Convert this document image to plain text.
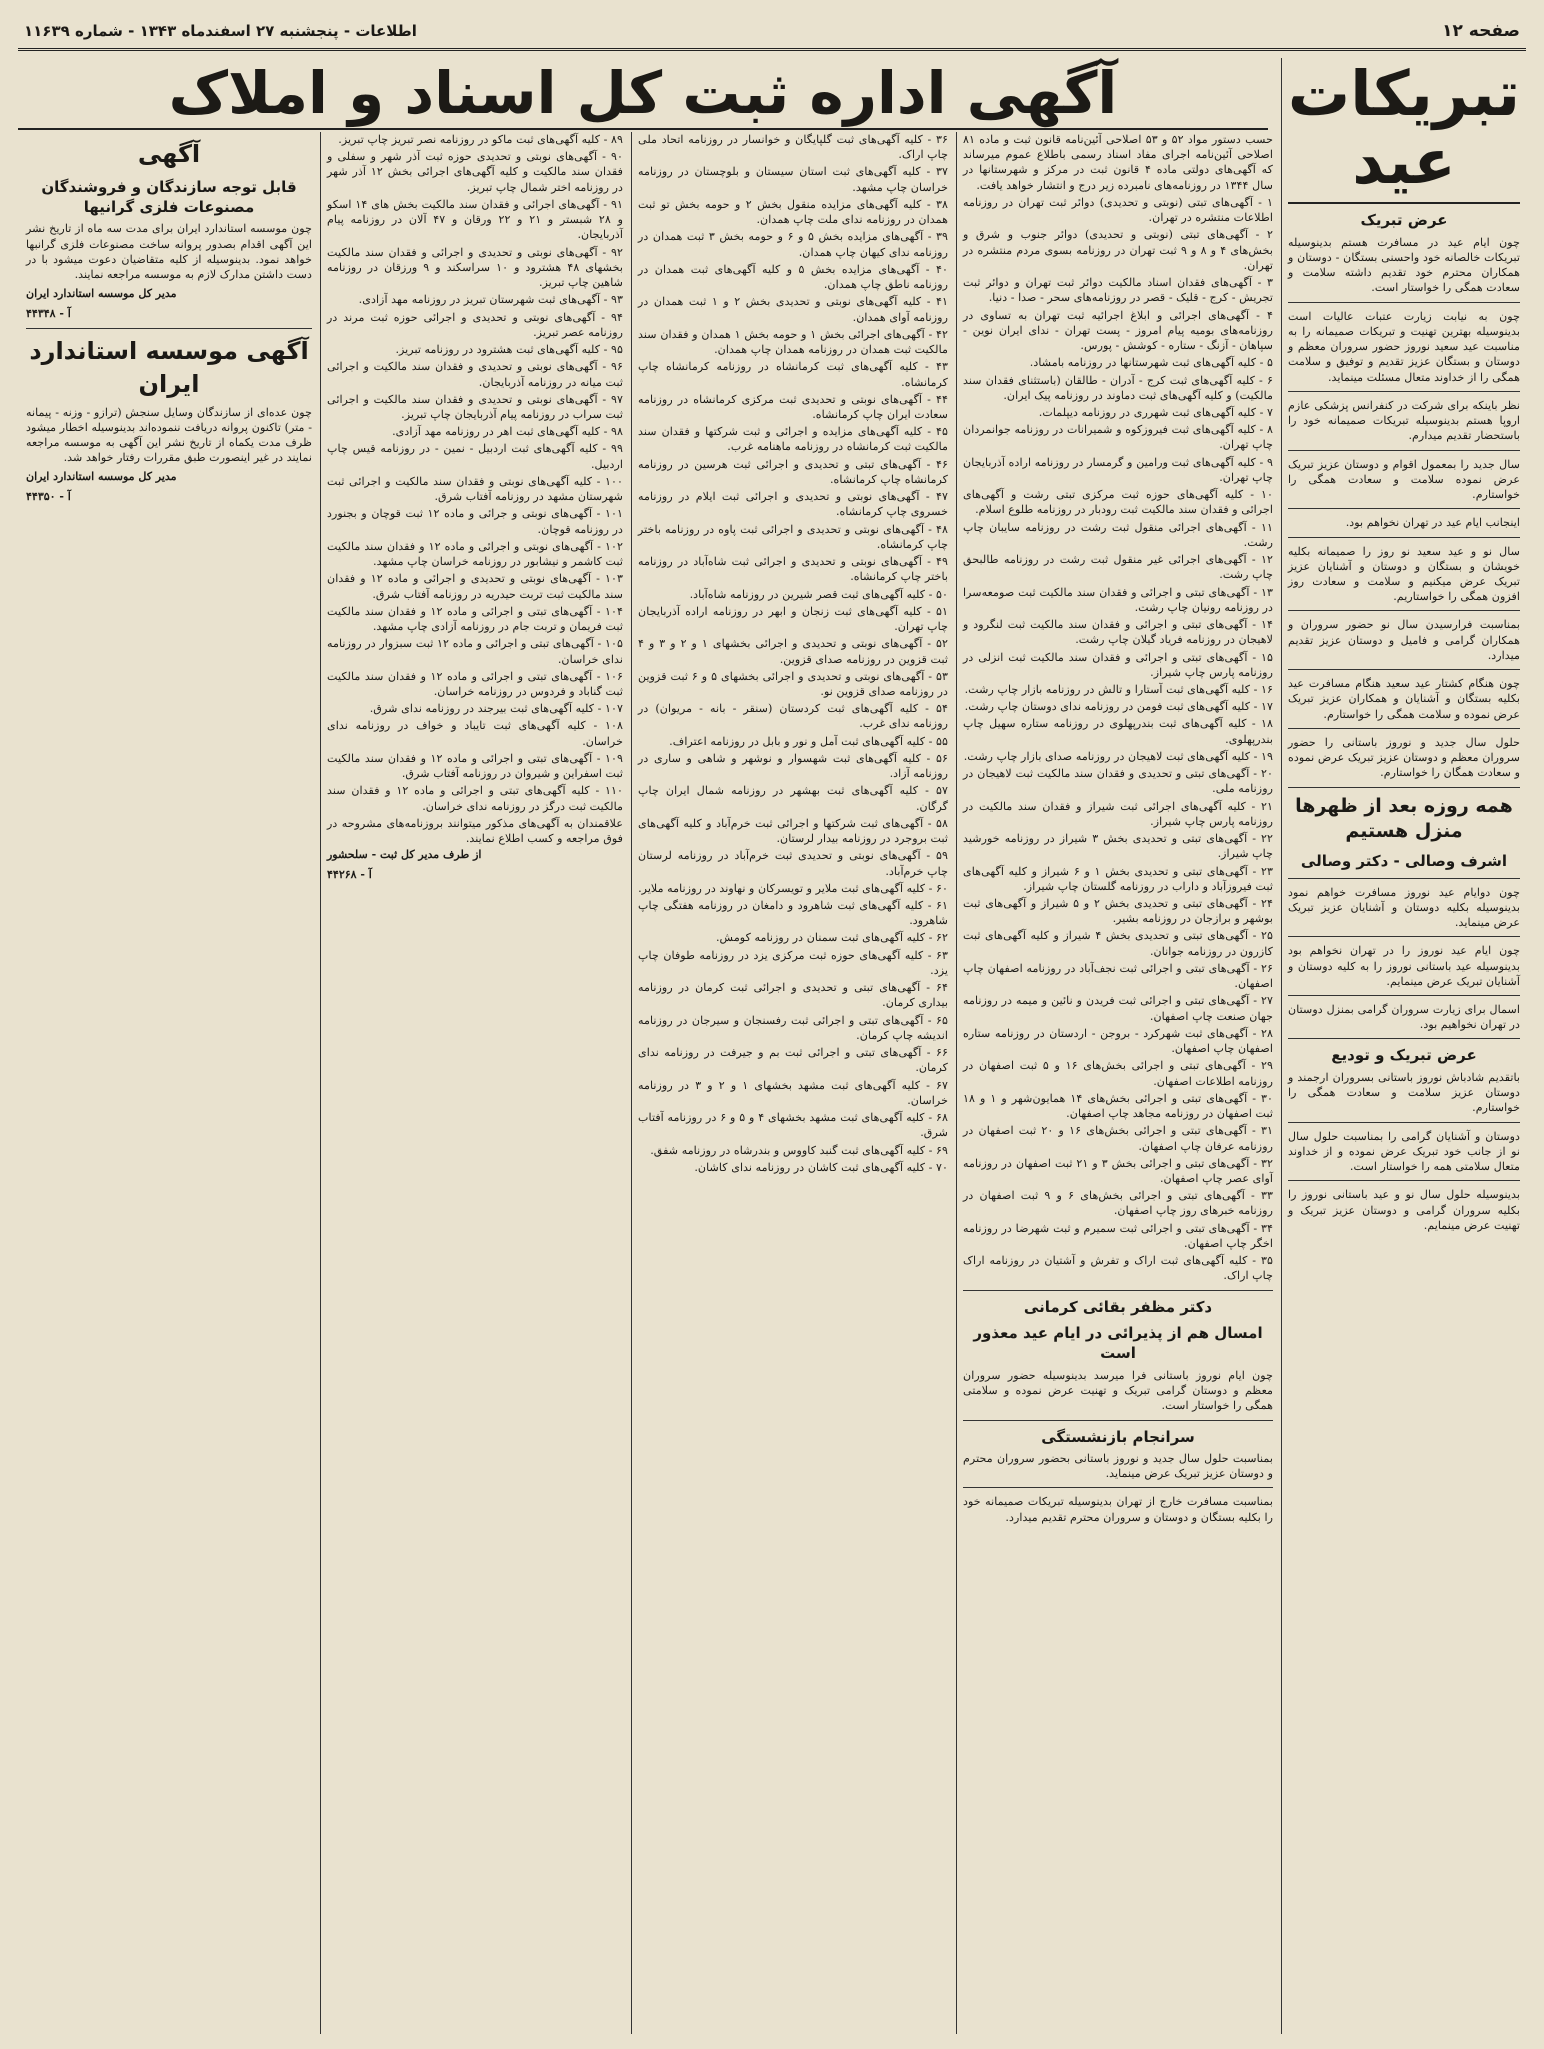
صفحه ۱۲
اطلاعات - پنجشنبه ۲۷ اسفندماه ۱۳۴۳ - شماره ۱۱۶۳۹
تبریکات عید
عرض تبریک

چون ایام عید در مسافرت هستم بدینوسیله تبریکات خالصانه خود واحسنی بستگان - دوستان و همکاران محترم خود تقدیم داشته سلامت و سعادت همگی را خواستار است.

چون به نیابت زیارت عتبات عالیات است بدینوسیله بهترین تهنیت و تبریکات صمیمانه را به مناسبت عید سعید نوروز حضور سروران معظم و دوستان و بستگان عزیز تقدیم و توفیق و سلامت همگی را از خداوند متعال مسئلت مینماید.

نظر باینکه برای شرکت در کنفرانس پزشکی عازم اروپا هستم بدینوسیله تبریکات صمیمانه خود را باستحضار تقدیم میدارم.

سال جدید را بمعمول اقوام و دوستان عزیز تبریک عرض نموده سلامت و سعادت همگی را خواستارم.

اینجانب ایام عید در تهران نخواهم بود.

سال نو و عید سعید نو روز را صمیمانه بکلیه خویشان و بستگان و دوستان و آشنایان عزیز تبریک عرض میکنیم و سلامت و سعادت روز افزون همگی را خواستاریم.

بمناسبت فرارسیدن سال نو حضور سروران و همکاران گرامی و فامیل و دوستان عزیز تقدیم میدارد.

چون هنگام کشتار عید سعید هنگام مسافرت عید بکلیه بستگان و آشنایان و همکاران عزیز تبریک عرض نموده و سلامت همگی را خواستارم.

حلول سال جدید و نوروز باستانی را حضور سروران معظم و دوستان عزیز تبریک عرض نموده و سعادت همگان را خواستارم.

همه روزه بعد از ظهرها منزل هستیم
اشرف وصالی - دکتر وصالی

چون دوایام عید نوروز مسافرت خواهم نمود بدینوسیله بکلیه دوستان و آشنایان عزیز تبریک عرض مینماید.

چون ایام عید نوروز را در تهران نخواهم بود بدینوسیله عید باستانی نوروز را به کلیه دوستان و آشنایان تبریک عرض مینمایم.

اسمال برای زیارت سروران گرامی بمنزل دوستان در تهران نخواهیم بود.

عرض تبریک و تودیع

باتقدیم شادباش نوروز باستانی بسروران ارجمند و دوستان عزیز سلامت و سعادت همگی را خواستارم.

دوستان و آشنایان گرامی را بمناسبت حلول سال نو از جانب خود تبریک عرض نموده و از خداوند متعال سلامتی همه را خواستار است.

بدینوسیله حلول سال نو و عید باستانی نوروز را بکلیه سروران گرامی و دوستان عزیز تبریک و تهنیت عرض مینمایم.

آگهی اداره ثبت کل اسناد و املاک

حسب دستور مواد ۵۲ و ۵۳ اصلاحی آئین‌نامه قانون ثبت و ماده ۸۱ اصلاحی آئین‌نامه اجرای مفاد اسناد رسمی باطلاع عموم میرساند که آگهی‌های دولتی ماده ۴ قانون ثبت در مرکز و شهرستانها در سال ۱۳۴۴ در روزنامه‌های نامبرده زیر درج و انتشار خواهد یافت.

۱ - آگهی‌های تبتی (نوبتی و تحدیدی) دوائر ثبت تهران در روزنامه اطلاعات منتشره در تهران.

۲ - آگهی‌های تبتی (نوبتی و تحدیدی) دوائر جنوب و شرق و بخش‌های ۴ و ۸ و ۹ ثبت تهران در روزنامه بسوی مردم منتشره در تهران.

۳ - آگهی‌های فقدان اسناد مالکیت دوائر ثبت تهران و دوائر ثبت تجریش - کرج - قلیک - قصر در روزنامه‌های سحر - صدا - دنیا.

۴ - آگهی‌های اجرائی و ابلاغ اجرائیه ثبت تهران به تساوی در روزنامه‌های بومیه پیام امروز - پست تهران - ندای ایران نوین - سپاهان - آزنگ - ستاره - کوشش - پورس.

۵ - کلیه آگهی‌های ثبت شهرستانها در روزنامه بامشاد.

۶ - کلیه آگهی‌های ثبت کرج - آدران - طالقان (باستثنای فقدان سند مالکیت) و کلیه آگهی‌های ثبت دماوند در روزنامه پیک ایران.

۷ - کلیه آگهی‌های ثبت شهرری در روزنامه دیپلمات.

۸ - کلیه آگهی‌های ثبت فیروزکوه و شمیرانات در روزنامه جوانمردان چاپ تهران.

۹ - کلیه آگهی‌های ثبت ورامین و گرمسار در روزنامه اراده آذربایجان چاپ تهران.

۱۰ - کلیه آگهی‌های حوزه ثبت مرکزی تبتی رشت و آگهی‌های اجرائی و فقدان سند مالکیت ثبت رودبار در روزنامه طلوع اسلام.

۱۱ - آگهی‌های اجرائی منقول ثبت رشت در روزنامه سایبان چاپ رشت.

۱۲ - آگهی‌های اجرائی غیر منقول ثبت رشت در روزنامه طالبحق چاپ رشت.

۱۳ - آگهی‌های تبتی و اجرائی و فقدان سند مالکیت ثبت صومعه‌سرا در روزنامه رونیان چاپ رشت.

۱۴ - آگهی‌های تبتی و اجرائی و فقدان سند مالکیت ثبت لنگرود و لاهیجان در روزنامه فریاد گیلان چاپ رشت.

۱۵ - آگهی‌های تبتی و اجرائی و فقدان سند مالکیت ثبت انزلی در روزنامه پارس چاپ شیراز.

۱۶ - کلیه آگهی‌های ثبت آستارا و تالش در روزنامه بازار چاپ رشت.

۱۷ - کلیه آگهی‌های ثبت فومن در روزنامه ندای دوستان چاپ رشت.

۱۸ - کلیه آگهی‌های ثبت بندرپهلوی در روزنامه ستاره سهیل چاپ بندرپهلوی.

۱۹ - کلیه آگهی‌های ثبت لاهیجان در روزنامه صدای بازار چاپ رشت.

۲۰ - آگهی‌های تبتی و تحدیدی و فقدان سند مالکیت ثبت لاهیجان در روزنامه ملی.

۲۱ - کلیه آگهی‌های اجرائی ثبت شیراز و فقدان سند مالکیت در روزنامه پارس چاپ شیراز.

۲۲ - آگهی‌های تبتی و تحدیدی بخش ۳ شیراز در روزنامه خورشید چاپ شیراز.

۲۳ - آگهی‌های تبتی و تحدیدی بخش ۱ و ۶ شیراز و کلیه آگهی‌های ثبت فیروزآباد و داراب در روزنامه گلستان چاپ شیراز.

۲۴ - آگهی‌های تبتی و تحدیدی بخش ۲ و ۵ شیراز و آگهی‌های ثبت بوشهر و برازجان در روزنامه بشیر.

۲۵ - آگهی‌های تبتی و تحدیدی بخش ۴ شیراز و کلیه آگهی‌های ثبت کازرون در روزنامه جوانان.

۲۶ - آگهی‌های تبتی و اجرائی ثبت نجف‌آباد در روزنامه اصفهان چاپ اصفهان.

۲۷ - آگهی‌های تبتی و اجرائی ثبت فریدن و نائین و میمه در روزنامه جهان صنعت چاپ اصفهان.

۲۸ - آگهی‌های ثبت شهرکرد - بروجن - اردستان در روزنامه ستاره اصفهان چاپ اصفهان.

۲۹ - آگهی‌های تبتی و اجرائی بخش‌های ۱۶ و ۵ ثبت اصفهان در روزنامه اطلاعات اصفهان.

۳۰ - آگهی‌های تبتی و اجرائی بخش‌های ۱۴ همایون‌شهر و ۱ و ۱۸ ثبت اصفهان در روزنامه مجاهد چاپ اصفهان.

۳۱ - آگهی‌های تبتی و اجرائی بخش‌های ۱۶ و ۲۰ ثبت اصفهان در روزنامه عرفان چاپ اصفهان.

۳۲ - آگهی‌های تبتی و اجرائی بخش ۳ و ۲۱ ثبت اصفهان در روزنامه آوای عصر چاپ اصفهان.

۳۳ - آگهی‌های تبتی و اجرائی بخش‌های ۶ و ۹ ثبت اصفهان در روزنامه خبرهای روز چاپ اصفهان.

۳۴ - آگهی‌های تبتی و اجرائی ثبت سمیرم و ثبت شهرضا در روزنامه اخگر چاپ اصفهان.

۳۵ - کلیه آگهی‌های ثبت اراک و تفرش و آشتیان در روزنامه اراک چاپ اراک.

دکتر مظفر بقائی کرمانی
امسال هم از پذیرائی در ایام عید معذور است

چون ایام نوروز باستانی فرا میرسد بدینوسیله حضور سروران معظم و دوستان گرامی تبریک و تهنیت عرض نموده و سلامتی همگی را خواستار است.

سرانجام بازنشستگی

بمناسبت حلول سال جدید و نوروز باستانی بحضور سروران محترم و دوستان عزیز تبریک عرض مینماید.

بمناسبت مسافرت خارج از تهران بدینوسیله تبریکات صمیمانه خود را بکلیه بستگان و دوستان و سروران محترم تقدیم میدارد.

۳۶ - کلیه آگهی‌های ثبت گلپایگان و خوانسار در روزنامه اتحاد ملی چاپ اراک.

۳۷ - کلیه آگهی‌های ثبت استان سیستان و بلوچستان در روزنامه خراسان چاپ مشهد.

۳۸ - کلیه آگهی‌های مزایده منقول بخش ۲ و حومه بخش تو ثبت همدان در روزنامه ندای ملت چاپ همدان.

۳۹ - آگهی‌های مزایده بخش ۵ و ۶ و حومه بخش ۳ ثبت همدان در روزنامه ندای کیهان چاپ همدان.

۴۰ - آگهی‌های مزایده بخش ۵ و کلیه آگهی‌های ثبت همدان در روزنامه ناطق چاپ همدان.

۴۱ - کلیه آگهی‌های نوبتی و تحدیدی بخش ۲ و ۱ ثبت همدان در روزنامه آوای همدان.

۴۲ - آگهی‌های اجرائی بخش ۱ و حومه بخش ۱ همدان و فقدان سند مالکیت ثبت همدان در روزنامه همدان چاپ همدان.

۴۳ - کلیه آگهی‌های ثبت کرمانشاه در روزنامه کرمانشاه چاپ کرمانشاه.

۴۴ - آگهی‌های نوبتی و تحدیدی ثبت مرکزی کرمانشاه در روزنامه سعادت ایران چاپ کرمانشاه.

۴۵ - کلیه آگهی‌های مزایده و اجرائی و ثبت شرکتها و فقدان سند مالکیت ثبت کرمانشاه در روزنامه ماهنامه غرب.

۴۶ - آگهی‌های تبتی و تحدیدی و اجرائی ثبت هرسین در روزنامه کرمانشاه چاپ کرمانشاه.

۴۷ - آگهی‌های نوبتی و تحدیدی و اجرائی ثبت ایلام در روزنامه خسروی چاپ کرمانشاه.

۴۸ - آگهی‌های نوبتی و تحدیدی و اجرائی ثبت پاوه در روزنامه باختر چاپ کرمانشاه.

۴۹ - آگهی‌های نوبتی و تحدیدی و اجرائی ثبت شاه‌آباد در روزنامه باختر چاپ کرمانشاه.

۵۰ - کلیه آگهی‌های ثبت قصر شیرین در روزنامه شاه‌آباد.

۵۱ - کلیه آگهی‌های ثبت زنجان و ابهر در روزنامه اراده آذربایجان چاپ تهران.

۵۲ - آگهی‌های نوبتی و تحدیدی و اجرائی بخشهای ۱ و ۲ و ۳ و ۴ ثبت قزوین در روزنامه صدای قزوین.

۵۳ - آگهی‌های نوبتی و تحدیدی و اجرائی بخشهای ۵ و ۶ ثبت قزوین در روزنامه صدای قزوین نو.

۵۴ - کلیه آگهی‌های ثبت کردستان (سنقر - بانه - مریوان) در روزنامه ندای غرب.

۵۵ - کلیه آگهی‌های ثبت آمل و نور و بابل در روزنامه اعتراف.

۵۶ - کلیه آگهی‌های ثبت شهسوار و نوشهر و شاهی و ساری در روزنامه آزاد.

۵۷ - کلیه آگهی‌های ثبت بهشهر در روزنامه شمال ایران چاپ گرگان.

۵۸ - آگهی‌های ثبت شرکتها و اجرائی ثبت خرم‌آباد و کلیه آگهی‌های ثبت بروجرد در روزنامه بیدار لرستان.

۵۹ - آگهی‌های نوبتی و تحدیدی ثبت خرم‌آباد در روزنامه لرستان چاپ خرم‌آباد.

۶۰ - کلیه آگهی‌های ثبت ملایر و تویسرکان و نهاوند در روزنامه ملایر.

۶۱ - کلیه آگهی‌های ثبت شاهرود و دامغان در روزنامه هفتگی چاپ شاهرود.

۶۲ - کلیه آگهی‌های ثبت سمنان در روزنامه کومش.

۶۳ - کلیه آگهی‌های حوزه ثبت مرکزی یزد در روزنامه طوفان چاپ یزد.

۶۴ - آگهی‌های تبتی و تحدیدی و اجرائی ثبت کرمان در روزنامه بیداری کرمان.

۶۵ - آگهی‌های تبتی و اجرائی ثبت رفسنجان و سیرجان در روزنامه اندیشه چاپ کرمان.

۶۶ - آگهی‌های تبتی و اجرائی ثبت بم و جیرفت در روزنامه ندای کرمان.

۶۷ - کلیه آگهی‌های ثبت مشهد بخشهای ۱ و ۲ و ۳ در روزنامه خراسان.

۶۸ - کلیه آگهی‌های ثبت مشهد بخشهای ۴ و ۵ و ۶ در روزنامه آفتاب شرق.

۶۹ - کلیه آگهی‌های ثبت گنبد کاووس و بندرشاه در روزنامه شفق.

۷۰ - کلیه آگهی‌های ثبت کاشان در روزنامه ندای کاشان.

۸۹ - کلیه آگهی‌های ثبت ماکو در روزنامه نصر تبریز چاپ تبریز.

۹۰ - آگهی‌های نوبتی و تحدیدی حوزه ثبت آذر شهر و سفلی و فقدان سند مالکیت و کلیه آگهی‌های اجرائی بخش ۱۲ آذر شهر در روزنامه اختر شمال چاپ تبریز.

۹۱ - آگهی‌های اجرائی و فقدان سند مالکیت بخش های ۱۴ اسکو و ۲۸ شبستر و ۲۱ و ۲۲ ورقان و ۴۷ آلان در روزنامه پیام آذربایجان.

۹۲ - آگهی‌های نوبتی و تحدیدی و اجرائی و فقدان سند مالکیت بخشهای ۴۸ هشترود و ۱۰ سراسکند و ۹ ورزقان در روزنامه شاهین چاپ تبریز.

۹۳ - آگهی‌های ثبت شهرستان تبریز در روزنامه مهد آزادی.

۹۴ - آگهی‌های نوبتی و تحدیدی و اجرائی حوزه ثبت مرند در روزنامه عصر تبریز.

۹۵ - کلیه آگهی‌های ثبت هشترود در روزنامه تبریز.

۹۶ - آگهی‌های نوبتی و تحدیدی و فقدان سند مالکیت و اجرائی ثبت میانه در روزنامه آذربایجان.

۹۷ - آگهی‌های نوبتی و تحدیدی و فقدان سند مالکیت و اجرائی ثبت سراب در روزنامه پیام آذربایجان چاپ تبریز.

۹۸ - کلیه آگهی‌های ثبت اهر در روزنامه مهد آزادی.

۹۹ - کلیه آگهی‌های ثبت اردبیل - نمین - در روزنامه قیس چاپ اردبیل.

۱۰۰ - کلیه آگهی‌های نوبتی و فقدان سند مالکیت و اجرائی ثبت شهرستان مشهد در روزنامه آفتاب شرق.

۱۰۱ - آگهی‌های نوبتی و جرائی و ماده ۱۲ ثبت قوچان و بجنورد در روزنامه قوچان.

۱۰۲ - آگهی‌های نوبتی و اجرائی و ماده ۱۲ و فقدان سند مالکیت ثبت کاشمر و نیشابور در روزنامه خراسان چاپ مشهد.

۱۰۳ - آگهی‌های نوبتی و تحدیدی و اجرائی و ماده ۱۲ و فقدان سند مالکیت ثبت تربت حیدریه در روزنامه آفتاب شرق.

۱۰۴ - آگهی‌های تبتی و اجرائی و ماده ۱۲ و فقدان سند مالکیت ثبت فریمان و تربت جام در روزنامه آزادی چاپ مشهد.

۱۰۵ - آگهی‌های تبتی و اجرائی و ماده ۱۲ ثبت سبزوار در روزنامه ندای خراسان.

۱۰۶ - آگهی‌های تبتی و اجرائی و ماده ۱۲ و فقدان سند مالکیت ثبت گناباد و فردوس در روزنامه خراسان.

۱۰۷ - کلیه آگهی‌های ثبت بیرجند در روزنامه ندای شرق.

۱۰۸ - کلیه آگهی‌های ثبت تایباد و خواف در روزنامه ندای خراسان.

۱۰۹ - آگهی‌های تبتی و اجرائی و ماده ۱۲ و فقدان سند مالکیت ثبت اسفراین و شیروان در روزنامه آفتاب شرق.

۱۱۰ - کلیه آگهی‌های تبتی و اجرائی و ماده ۱۲ و فقدان سند مالکیت ثبت درگز در روزنامه ندای خراسان.

علاقمندان به آگهی‌های مذکور میتوانند بروزنامه‌های مشروحه در فوق مراجعه و کسب اطلاع نمایند.

از طرف مدیر کل ثبت - سلحشور
آ - ۴۴۲۶۸
آگهی
قابل توجه سازندگان و فروشندگان مصنوعات فلزی گرانیها

چون موسسه استاندارد ایران برای مدت سه ماه از تاریخ نشر این آگهی اقدام بصدور پروانه ساخت مصنوعات فلزی گرانبها خواهد نمود. بدینوسیله از کلیه متقاضیان دعوت میشود با در دست داشتن مدارک لازم به موسسه مراجعه نمایند.

مدیر کل موسسه استاندارد ایران
آ - ۴۴۳۴۸
آگهی موسسه استاندارد ایران

چون عده‌ای از سازندگان وسایل سنجش (ترازو - وزنه - پیمانه - متر) تاکنون پروانه دریافت ننموده‌اند بدینوسیله اخطار میشود ظرف مدت یکماه از تاریخ نشر این آگهی به موسسه مراجعه نمایند در غیر اینصورت طبق مقررات رفتار خواهد شد.

مدیر کل موسسه استاندارد ایران
آ - ۴۴۳۵۰
